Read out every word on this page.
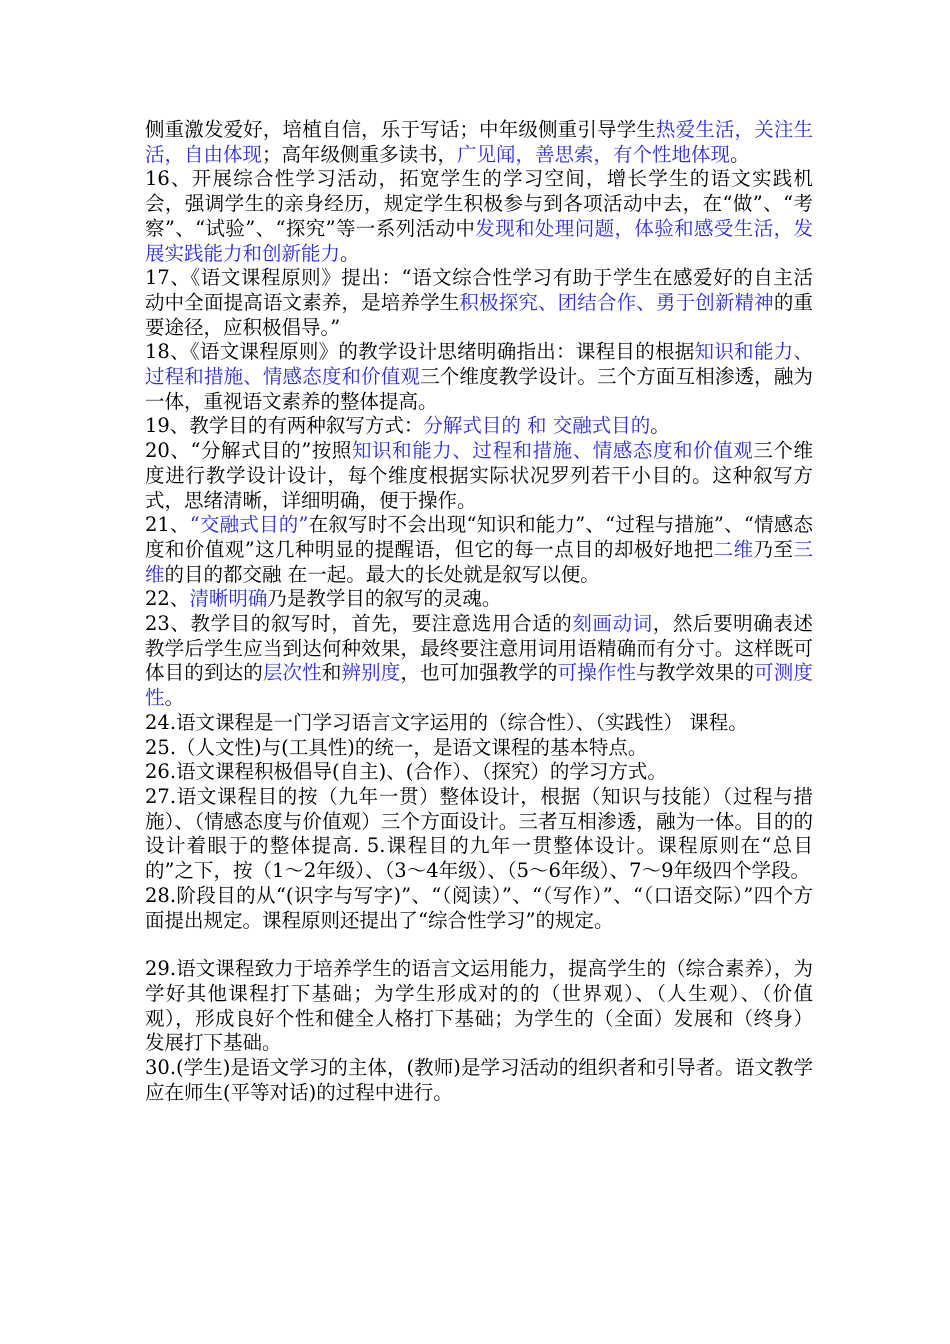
侧重激发爱好，培植自信，乐于写话；中年级侧重引导学生热爱生活，关注生活，自由体现；高年级侧重多读书，广见闻，善思索，有个性地体现。

16、开展综合性学习活动，拓宽学生的学习空间，增长学生的语文实践机会，强调学生的亲身经历，规定学生积极参与到各项活动中去，在“做”、“考察”、“试验”、“探究”等一系列活动中发现和处理问题，体验和感受生活，发展实践能力和创新能力。

17、《语文课程原则》提出：“语文综合性学习有助于学生在感爱好的自主活动中全面提高语文素养，是培养学生积极探究、团结合作、勇于创新精神的重要途径，应积极倡导。”

18、《语文课程原则》的教学设计思绪明确指出：课程目的根据知识和能力、过程和措施、情感态度和价值观三个维度教学设计。三个方面互相渗透，融为一体，重视语文素养的整体提高。

19、教学目的有两种叙写方式：分解式目的 和 交融式目的。

20、“分解式目的”按照知识和能力、过程和措施、情感态度和价值观三个维度进行教学设计设计，每个维度根据实际状况罗列若干小目的。这种叙写方式，思绪清晰，详细明确，便于操作。

21、“交融式目的”在叙写时不会出现“知识和能力”、“过程与措施”、“情感态度和价值观”这几种明显的提醒语，但它的每一点目的却极好地把二维乃至三维的目的都交融 在一起。最大的长处就是叙写以便。

22、清晰明确乃是教学目的叙写的灵魂。

23、教学目的叙写时，首先，要注意选用合适的刻画动词，然后要明确表述教学后学生应当到达何种效果，最终要注意用词用语精确而有分寸。这样既可体目的到达的层次性和辨别度，也可加强教学的可操作性与教学效果的可测度性。

24.语文课程是一门学习语言文字运用的（综合性）、（实践性） 课程。

25.（人文性)与(工具性)的统一，是语文课程的基本特点。

26.语文课程积极倡导(自主)、(合作）、（探究）的学习方式。

27.语文课程目的按（九年一贯）整体设计，根据（知识与技能）（过程与措施）、（情感态度与价值观）三个方面设计。三者互相渗透，融为一体。目的的设计着眼于的整体提高. 5.课程目的九年一贯整体设计。课程原则在“总目的”之下，按（1～2年级）、（3～4年级）、（5～6年级）、7～9年级四个学段。

28.阶段目的从“(识字与写字)”、“（阅读）”、“（写作）”、“（口语交际）”四个方面提出规定。课程原则还提出了“综合性学习”的规定。

29.语文课程致力于培养学生的语言文运用能力，提高学生的（综合素养），为学好其他课程打下基础；为学生形成对的的（世界观）、（人生观）、（价值观），形成良好个性和健全人格打下基础；为学生的（全面）发展和（终身）发展打下基础。

30.(学生)是语文学习的主体，(教师)是学习活动的组织者和引导者。语文教学应在师生(平等对话)的过程中进行。
